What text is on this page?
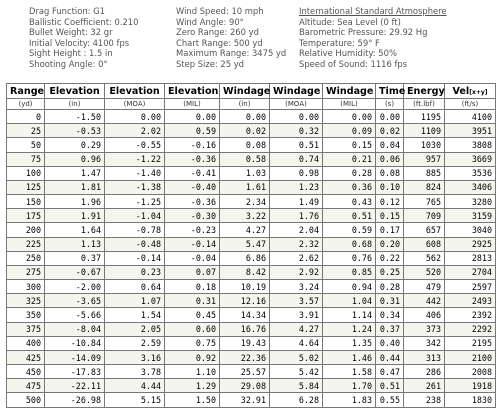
Drag Function: G1
Ballistic Coefficient: 0.210
Bullet Weight: 32 gr
Initial Velocity: 4100 fps
Sight Height : 1.5 in
Shooting Angle: 0°
Wind Speed: 10 mph
Wind Angle: 90°
Zero Range: 260 yd
Chart Range: 500 yd
Maximum Range: 3475 yd
Step Size: 25 yd
International Standard Atmosphere
Altitude: Sea Level (0 ft)
Barometric Pressure: 29.92 Hg
Temperature: 59° F
Relative Humidity: 50%
Speed of Sound: 1116 fps
Range	Elevation	Elevation	Elevation	Windage	Windage	Windage	Time	Energy	Vel[x+y]
(yd)	(in)	(MOA)	(MIL)	(in)	(MOA)	(MIL)	(s)	(ft.lbf)	(ft/s)
0	-1.50	0.00	0.00	0.00	0.00	0.00	0.00	1195	4100
25	-0.53	2.02	0.59	0.02	0.32	0.09	0.02	1109	3951
50	0.29	-0.55	-0.16	0.08	0.51	0.15	0.04	1030	3808
75	0.96	-1.22	-0.36	0.58	0.74	0.21	0.06	957	3669
100	1.47	-1.40	-0.41	1.03	0.98	0.28	0.08	885	3536
125	1.81	-1.38	-0.40	1.61	1.23	0.36	0.10	824	3406
150	1.96	-1.25	-0.36	2.34	1.49	0.43	0.12	765	3280
175	1.91	-1.04	-0.30	3.22	1.76	0.51	0.15	709	3159
200	1.64	-0.78	-0.23	4.27	2.04	0.59	0.17	657	3040
225	1.13	-0.48	-0.14	5.47	2.32	0.68	0.20	608	2925
250	0.37	-0.14	-0.04	6.86	2.62	0.76	0.22	562	2813
275	-0.67	0.23	0.07	8.42	2.92	0.85	0.25	520	2704
300	-2.00	0.64	0.18	10.19	3.24	0.94	0.28	479	2597
325	-3.65	1.07	0.31	12.16	3.57	1.04	0.31	442	2493
350	-5.66	1.54	0.45	14.34	3.91	1.14	0.34	406	2392
375	-8.04	2.05	0.60	16.76	4.27	1.24	0.37	373	2292
400	-10.84	2.59	0.75	19.43	4.64	1.35	0.40	342	2195
425	-14.09	3.16	0.92	22.36	5.02	1.46	0.44	313	2100
450	-17.83	3.78	1.10	25.57	5.42	1.58	0.47	286	2008
475	-22.11	4.44	1.29	29.08	5.84	1.70	0.51	261	1918
500	-26.98	5.15	1.50	32.91	6.28	1.83	0.55	238	1830
